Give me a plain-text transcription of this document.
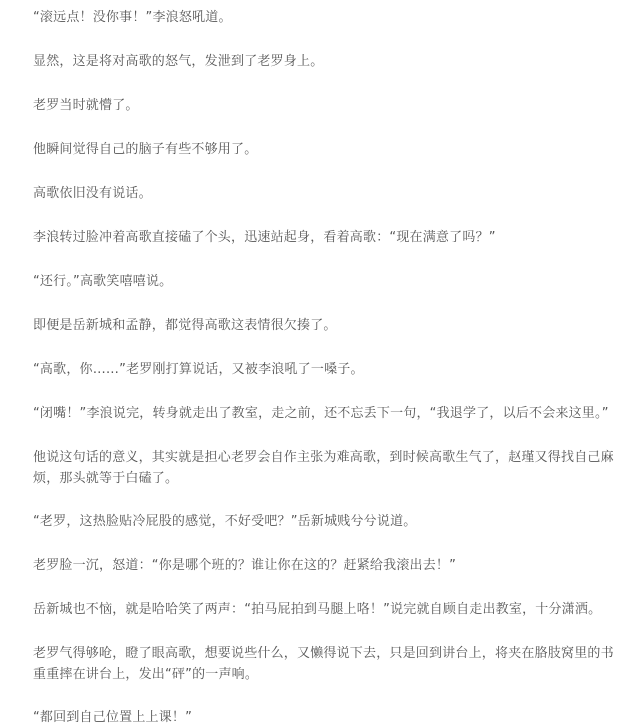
“滚远点！没你事！”李浪怒吼道。

显然，这是将对高歌的怒气，发泄到了老罗身上。

老罗当时就懵了。

他瞬间觉得自己的脑子有些不够用了。

高歌依旧没有说话。

李浪转过脸冲着高歌直接磕了个头，迅速站起身，看着高歌：“现在满意了吗？”

“还行。”高歌笑嘻嘻说。

即便是岳新城和孟静，都觉得高歌这表情很欠揍了。

“高歌，你……”老罗刚打算说话，又被李浪吼了一嗓子。

“闭嘴！”李浪说完，转身就走出了教室，走之前，还不忘丢下一句，“我退学了，以后不会来这里。”

他说这句话的意义，其实就是担心老罗会自作主张为难高歌，到时候高歌生气了，赵瑾又得找自己麻烦，那头就等于白磕了。

“老罗，这热脸贴冷屁股的感觉，不好受吧？”岳新城贱兮兮说道。

老罗脸一沉，怒道：“你是哪个班的？谁让你在这的？赶紧给我滚出去！”

岳新城也不恼，就是哈哈笑了两声：“拍马屁拍到马腿上咯！”说完就自顾自走出教室，十分潇洒。

老罗气得够呛，瞪了眼高歌，想要说些什么，又懒得说下去，只是回到讲台上，将夹在胳肢窝里的书重重摔在讲台上，发出“砰”的一声响。

“都回到自己位置上上课！”
